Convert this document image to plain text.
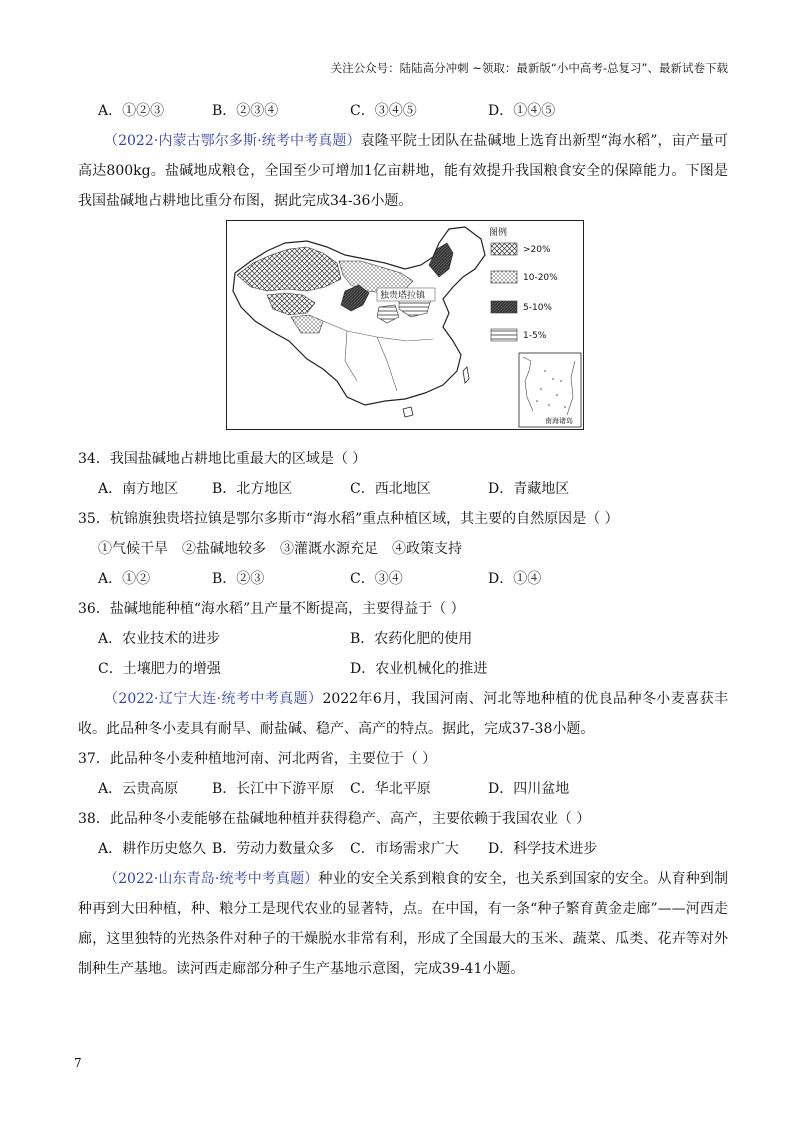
关注公众号：陆陆高分冲刺 ~领取：最新版“小中高考-总复习”、最新试卷下载
A．①②③	B．②③④	C．③④⑤	D．①④⑤
（2022·内蒙古鄂尔多斯·统考中考真题）袁隆平院士团队在盐碱地上选育出新型“海水稻”，亩产量可高达800kg。盐碱地成粮仓，全国至少可增加1亿亩耕地，能有效提升我国粮食安全的保障能力。下图是我国盐碱地占耕地比重分布图，据此完成34-36小题。
独贵塔拉镇
图例
>20%
10-20%
5-10%
1-5%
南海诸岛
34．我国盐碱地占耕地比重最大的区域是（ ）
A．南方地区 B．北方地区	C．西北地区	D．青藏地区
35．杭锦旗独贵塔拉镇是鄂尔多斯市“海水稻”重点种植区域，其主要的自然原因是（ ）
①气候干旱　②盐碱地较多　③灌溉水源充足　④政策支持
A．①②	B．②③	C．③④	D．①④
36．盐碱地能种植“海水稻”且产量不断提高，主要得益于（ ）
A．农业技术的进步	B．农药化肥的使用
C．土壤肥力的增强	D．农业机械化的推进
（2022·辽宁大连·统考中考真题）2022年6月，我国河南、河北等地种植的优良品种冬小麦喜获丰收。此品种冬小麦具有耐旱、耐盐碱、稳产、高产的特点。据此，完成37-38小题。
37．此品种冬小麦种植地河南、河北两省，主要位于（ ）
A．云贵高原 B．长江中下游平原 C．华北平原	D．四川盆地
38．此品种冬小麦能够在盐碱地种植并获得稳产、高产，主要依赖于我国农业（ ）
A．耕作历史悠久 B．劳动力数量众多 C．市场需求广大 D．科学技术进步
（2022·山东青岛·统考中考真题）种业的安全关系到粮食的安全，也关系到国家的安全。从育种到制种再到大田种植，种、粮分工是现代农业的显著特，点。在中国，有一条“种子繁育黄金走廊”——河西走廊，这里独特的光热条件对种子的干燥脱水非常有利，形成了全国最大的玉米、蔬菜、瓜类、花卉等对外制种生产基地。读河西走廊部分种子生产基地示意图，完成39-41小题。
7
